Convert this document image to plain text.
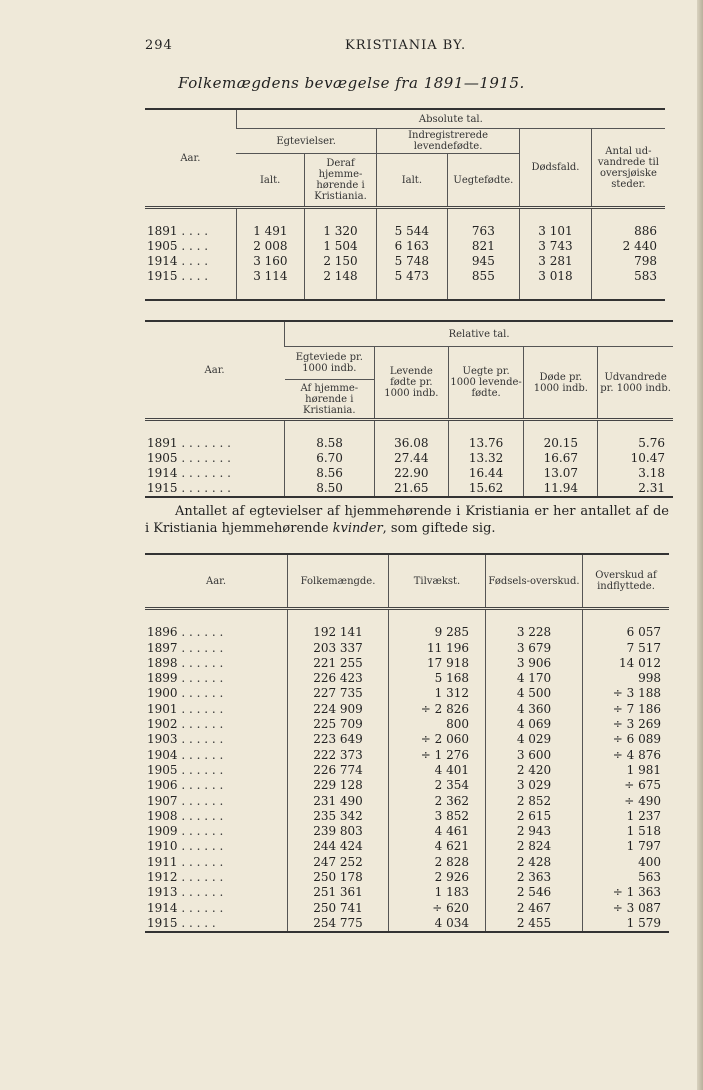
294	KRISTIANIA BY.
Folkemægdens bevægelse fra 1891—1915.
Aar.	Absolute tal.					
	Egtevielser.		Indregistrerede levendefødte.		Dødsfald.	Antal ud-vandrede til oversjøiske steder.
	Ialt.	Deraf hjemme-hørende i Kristiania.	Ialt.	Uegtefødte.		

1891 . . . .	1 491	1 320	5 544	763	3 101	886
1905 . . . .	2 008	1 504	6 163	821	3 743	2 440
1914 . . . .	3 160	2 150	5 748	945	3 281	798
1915 . . . .	3 114	2 148	5 473	855	3 018	583

Aar.	Relative tal.				
	Egteviede pr. 1000 indb.	Levende fødte pr. 1000 indb.	Uegte pr. 1000 levende-fødte.	Døde pr. 1000 indb.	Udvandrede pr. 1000 indb.
	Af hjemme-hørende i Kristiania.				

1891 . . . . . . .	8.58	36.08	13.76	20.15	5.76
1905 . . . . . . .	6.70	27.44	13.32	16.67	10.47
1914 . . . . . . .	8.56	22.90	16.44	13.07	3.18
1915 . . . . . . .	8.50	21.65	15.62	11.94	2.31
Antallet af egtevielser af hjemmehørende i Kristiania er her antallet af de i Kristiania hjemmehørende kvinder, som giftede sig.
Aar.	Folkemængde.	Tilvækst.	Fødsels-overskud.	Overskud af indflyttede.

1896 . . . . . .	192 141	9 285	3 228	6 057
1897 . . . . . .	203 337	11 196	3 679	7 517
1898 . . . . . .	221 255	17 918	3 906	14 012
1899 . . . . . .	226 423	5 168	4 170	998
1900 . . . . . .	227 735	1 312	4 500	÷ 3 188
1901 . . . . . .	224 909	÷ 2 826	4 360	÷ 7 186
1902 . . . . . .	225 709	800	4 069	÷ 3 269
1903 . . . . . .	223 649	÷ 2 060	4 029	÷ 6 089
1904 . . . . . .	222 373	÷ 1 276	3 600	÷ 4 876
1905 . . . . . .	226 774	4 401	2 420	1 981
1906 . . . . . .	229 128	2 354	3 029	÷ 675
1907 . . . . . .	231 490	2 362	2 852	÷ 490
1908 . . . . . .	235 342	3 852	2 615	1 237
1909 . . . . . .	239 803	4 461	2 943	1 518
1910 . . . . . .	244 424	4 621	2 824	1 797
1911 . . . . . .	247 252	2 828	2 428	400
1912 . . . . . .	250 178	2 926	2 363	563
1913 . . . . . .	251 361	1 183	2 546	÷ 1 363
1914 . . . . . .	250 741	÷ 620	2 467	÷ 3 087
1915 . . . . .	254 775	4 034	2 455	1 579
